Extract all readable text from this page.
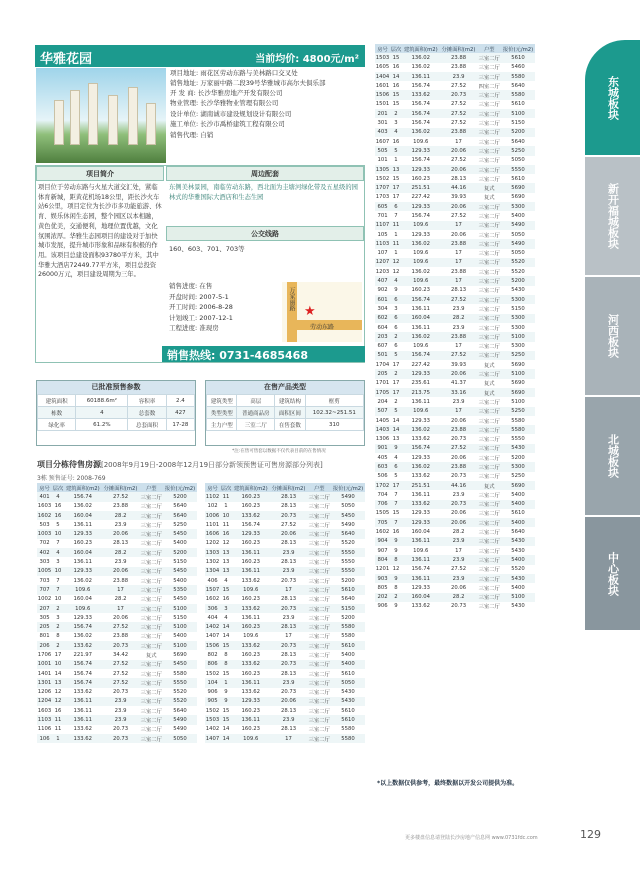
华雅花园	当前均价: 4800元/m²
项目地址: 雨花区劳动东路与美林路口交叉处
销售地址: 万家丽中路二段39号华雅城市高尔夫俱乐部
开 发 商: 长沙华雅房地产开发有限公司
物业管理: 长沙华雅物业管理有限公司
设计单位: 湖南诚市建设规划设计有限公司
施工单位: 长沙市禹桥建筑工程有限公司
销售代理: 自销
项目简介	周边配套
项目位于劳动东路与火星大道交汇处，紧临体育新城，距黄花机场18公里，距长沙火车站6公里，项目定位为长沙市多功能旅游、休育、娱乐休闲生态园，整个园区以本相融，黄色优美，交通便利，地理位置优越，文化氛围浓厚。华雅生态园项目的建设对于加快城市发展，提升城市形象和品味有积极的作用。该项目总建设面积93780平方米，其中华雅大酒店72449.77平方米，项目总投资26000万元，项目建设周期为三年。
东侧美林景园，南临劳动东路，西北面为圭塘河绿化带及五星级的园林式的华雅国际大酒店和生态生园
公交线路
160、603、701、703等
销售进度: 在售
开盘时间: 2007-5-1
开工时间: 2006-8-28
计划竣工: 2007-12-1
工程进度: 准现房
万家丽路
劳动东路
★
销售热线: 0731-4685468
已批准预售参数
建筑面积	60188.6m²	容积率	2.4
栋数	4	总套数	427
绿化率	61.2%	总套面积	17-28
在售产品类型
建筑类型	高层	建筑结构	框剪
类型类型	普通商品房	面积区间	102.32~251.51
主力户型	三室二厅	在售套数	310
*注:在售可售套以数据不仅代表目前的在售情况
项目分栋待售房源[2008年9月19日-2008年12月19日部分新领预售证可售房源部分列表]
3栋 预售证号: 2008-769
房号	层次	建筑面积(m2)	分摊面积(m2)	户型	报价(元/m2)
401	4	156.74	27.52	三室二厅	5200
1603	16	136.02	23.88	三室二厅	5640
1602	16	160.04	28.2	三室二厅	5640
503	5	136.11	23.9	三室二厅	5250
1003	10	129.33	20.06	三室二厅	5450
702	7	160.23	28.13	三室二厅	5400
402	4	160.04	28.2	三室二厅	5200
303	3	136.11	23.9	三室二厅	5150
1005	10	129.33	20.06	三室二厅	5450
703	7	136.02	23.88	三室二厅	5400
707	7	109.6	17	三室二厅	5350
1002	10	160.04	28.2	三室二厅	5450
207	2	109.6	17	三室二厅	5100
305	3	129.33	20.06	三室二厅	5150
205	2	156.74	27.52	三室二厅	5100
801	8	136.02	23.88	三室二厅	5400
206	2	133.62	20.73	三室二厅	5100
1706	17	221.97	34.42	复式	5690
1001	10	156.74	27.52	三室二厅	5450
1401	14	156.74	27.52	三室二厅	5580
1301	13	156.74	27.52	三室二厅	5550
1206	12	133.62	20.73	三室二厅	5520
1204	12	136.11	23.9	三室二厅	5520
1603	16	136.11	23.9	三室二厅	5640
1103	11	136.11	23.9	三室二厅	5490
1106	11	133.62	20.73	三室二厅	5490
106	1	133.62	20.73	三室二厅	5050
房号	层次	建筑面积(m2)	分摊面积(m2)	户型	报价(元/m2)
1102	11	160.23	28.13	三室二厅	5490
102	1	160.23	28.13	三室二厅	5050
1006	10	133.62	20.73	三室二厅	5450
1101	11	156.74	27.52	三室二厅	5490
1606	16	129.33	20.06	三室二厅	5640
1202	12	160.23	28.13	三室二厅	5520
1303	13	136.11	23.9	三室二厅	5550
1302	13	160.23	28.13	三室二厅	5550
1304	13	136.11	23.9	三室二厅	5550
406	4	133.62	20.73	三室二厅	5200
1507	15	109.6	17	三室二厅	5610
1602	16	160.23	28.13	三室二厅	5640
306	3	133.62	20.73	三室二厅	5150
404	4	136.11	23.9	三室二厅	5200
1402	14	160.23	28.13	三室二厅	5580
1407	14	109.6	17	三室二厅	5580
1506	15	133.62	20.73	三室二厅	5610
802	8	160.23	28.13	三室二厅	5400
806	8	133.62	20.73	三室二厅	5400
1502	15	160.23	28.13	三室二厅	5610
104	1	136.11	23.9	三室二厅	5050
906	9	133.62	20.73	三室二厅	5430
905	9	129.33	20.06	三室二厅	5430
1502	15	160.23	28.13	三室二厅	5610
1503	15	136.11	23.9	三室二厅	5610
1402	14	160.23	28.13	三室二厅	5580
1407	14	109.6	17	三室二厅	5580
房号	层次	建筑面积(m2)	分摊面积(m2)	户型	报价(元/m2)
1503	15	136.02	23.88	三室二厅	5610
1605	16	136.02	23.88	三室二厅	5460
1404	14	136.11	23.9	三室二厅	5580
1601	16	156.74	27.52	四室二厅	5640
1506	15	133.62	20.73	三室二厅	5580
1501	15	156.74	27.52	三室二厅	5610
201	2	156.74	27.52	三室二厅	5100
301	3	156.74	27.52	三室二厅	5150
403	4	136.02	23.88	三室二厅	5200
1607	16	109.6	17	三室二厅	5640
505	5	129.33	20.06	三室二厅	5250
101	1	156.74	27.52	三室二厅	5050
1305	13	129.33	20.06	三室二厅	5550
1502	15	160.23	28.13	三室二厅	5610
1707	17	251.51	44.16	复式	5690
1703	17	227.42	39.93	复式	5690
605	6	129.33	20.06	三室二厅	5300
701	7	156.74	27.52	三室二厅	5400
1107	11	109.6	17	三室二厅	5490
105	1	129.33	20.06	三室二厅	5050
1103	11	136.02	23.88	三室二厅	5490
107	1	109.6	17	三室二厅	5050
1207	12	109.6	17	三室二厅	5520
1203	12	136.02	23.88	三室二厅	5520
407	4	109.6	17	三室二厅	5200
902	9	160.23	28.13	三室二厅	5430
601	6	156.74	27.52	三室二厅	5300
304	3	136.11	23.9	三室二厅	5150
602	6	160.04	28.2	三室二厅	5300
604	6	136.11	23.9	三室二厅	5300
203	2	136.02	23.88	三室二厅	5100
607	6	109.6	17	三室二厅	5300
501	5	156.74	27.52	三室二厅	5250
1704	17	227.42	39.93	复式	5690
205	2	129.33	20.06	三室二厅	5100
1701	17	235.61	41.37	复式	5690
1705	17	213.75	33.16	复式	5690
204	2	136.11	23.9	三室二厅	5100
507	5	109.6	17	三室二厅	5250
1405	14	129.33	20.06	三室二厅	5580
1403	14	136.02	23.88	三室二厅	5580
1306	13	133.62	20.73	三室二厅	5550
901	9	156.74	27.52	三室二厅	5430
405	4	129.33	20.06	三室二厅	5200
603	6	136.02	23.88	三室二厅	5300
506	5	133.62	20.73	三室二厅	5250
1702	17	251.51	44.16	复式	5690
704	7	136.11	23.9	三室二厅	5400
706	7	133.62	20.73	三室二厅	5400
1505	15	129.33	20.06	三室二厅	5610
705	7	129.33	20.06	三室二厅	5400
1602	16	160.04	28.2	三室二厅	5640
904	9	136.11	23.9	三室二厅	5430
907	9	109.6	17	三室二厅	5430
804	8	136.11	23.9	三室二厅	5400
1201	12	156.74	27.52	三室二厅	5520
903	9	136.11	23.9	三室二厅	5430
805	8	129.33	20.06	三室二厅	5400
202	2	160.04	28.2	三室二厅	5100
906	9	133.62	20.73	三室二厅	5430
*以上数据仅供参考，最终数据以开发公司提供为准。
东城板块
新开福城板块
河西板块
北城板块
中心板块
更多楼盘信息请登陆长沙房地产信息网 www.0731fdc.com	129
